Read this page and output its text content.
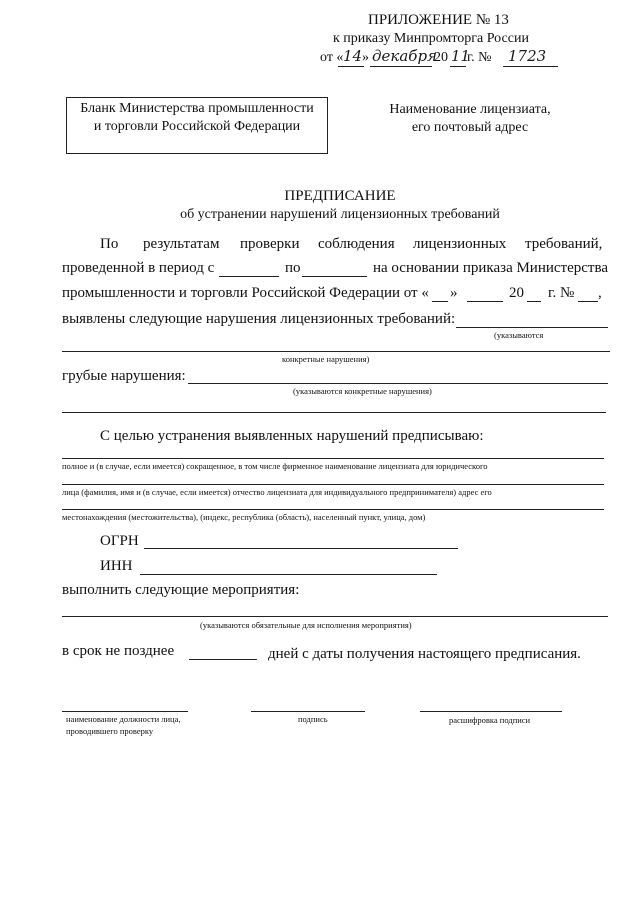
ПРИЛОЖЕНИЕ № 13
к приказу Минпромторга России
от « 14 » декабря
20 11
г. № 1723
Бланк Министерства промышленности
и торговли Российской Федерации
Наименование лицензиата,
его почтовый адрес
ПРЕДПИСАНИЕ
об устранении нарушений лицензионных требований
По результатам проверки соблюдения лицензионных требований,
проведенной в период с	по	на основании приказа Министерства
промышленности и торговли Российской Федерации от « »	20 г. № ,
выявлены следующие нарушения лицензионных требований:
(указываются
конкретные нарушения)
грубые нарушения:
(указываются конкретные нарушения)
С целью устранения выявленных нарушений предписываю:
полное и (в случае, если имеется) сокращенное, в том числе фирменное наименование лицензиата для юридического
лица (фамилия, имя и (в случае, если имеется) отчество лицензиата для индивидуального предпринимателя) адрес его
местонахождения (местожительства), (индекс, республика (область), населенный пункт, улица, дом)
ОГРН
ИНН
выполнить следующие мероприятия:
(указываются обязательные для исполнения мероприятия)
в срок не позднее	дней с даты получения настоящего предписания.
наименование должности лица,
проводившего проверку
подпись	расшифровка подписи
